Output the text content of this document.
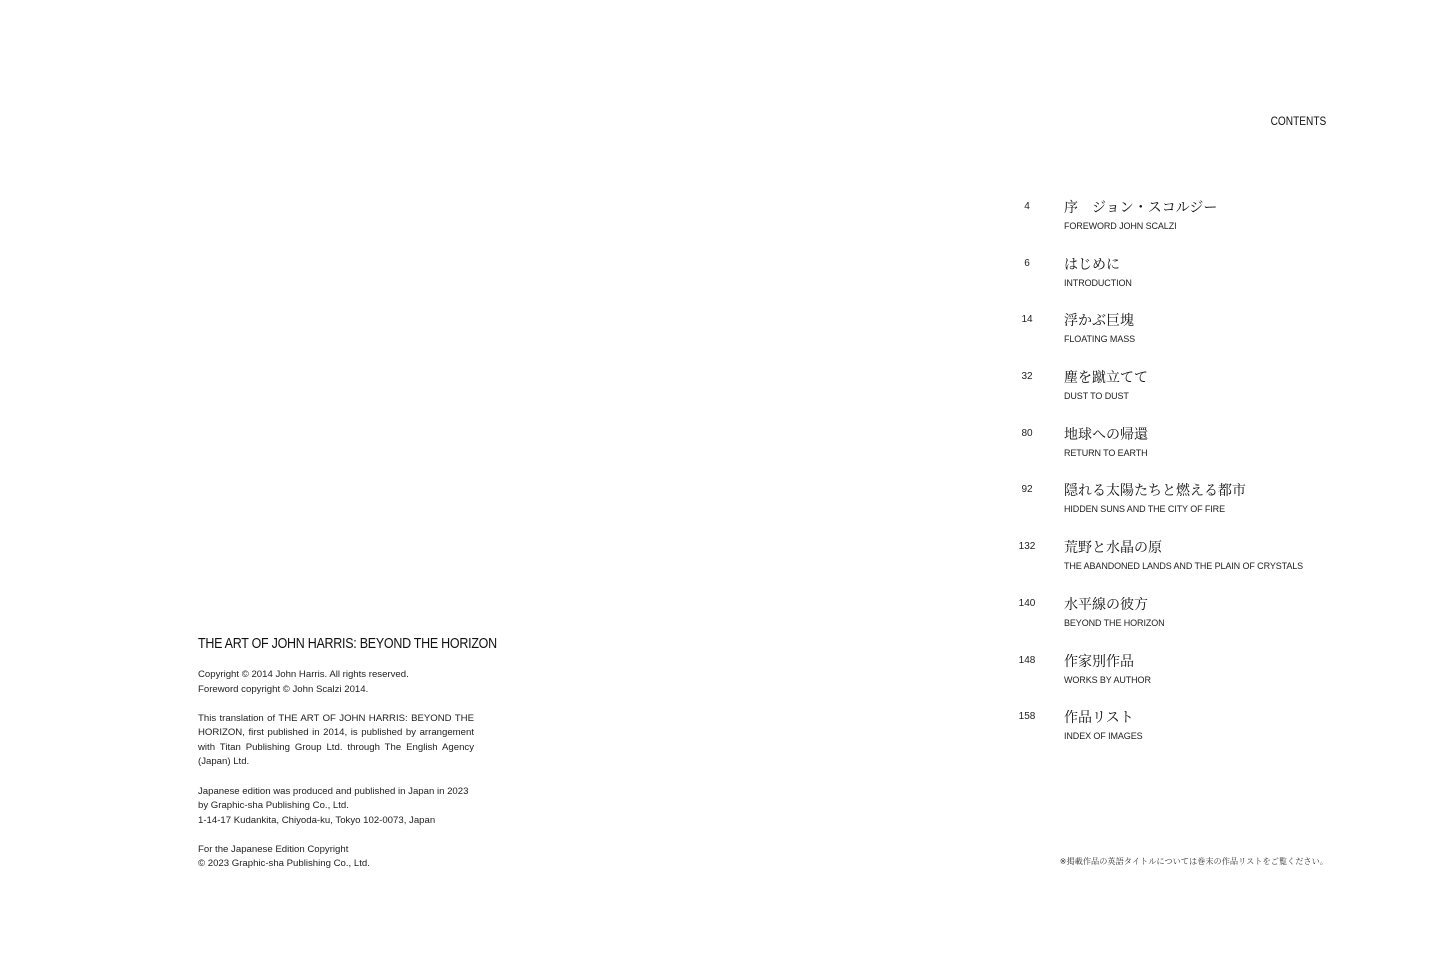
THE ART OF JOHN HARRIS: BEYOND THE HORIZON
Copyright © 2014 John Harris. All rights reserved.
Foreword copyright © John Scalzi 2014.
This translation of THE ART OF JOHN HARRIS: BEYOND THE
HORIZON, first published in 2014, is published by arrangement
with Titan Publishing Group Ltd. through The English Agency
(Japan) Ltd.
Japanese edition was produced and published in Japan in 2023
by Graphic-sha Publishing Co., Ltd.
1-14-17 Kudankita, Chiyoda-ku, Tokyo 102-0073, Japan
For the Japanese Edition Copyright
© 2023 Graphic-sha Publishing Co., Ltd.
CONTENTS
4	序　ジョン・スコルジー
FOREWORD JOHN SCALZI
6	はじめに
INTRODUCTION
14	浮かぶ巨塊
FLOATING MASS
32	塵を蹴立てて
DUST TO DUST
80	地球への帰還
RETURN TO EARTH
92	隠れる太陽たちと燃える都市
HIDDEN SUNS AND THE CITY OF FIRE
132	荒野と水晶の原
THE ABANDONED LANDS AND THE PLAIN OF CRYSTALS
140	水平線の彼方
BEYOND THE HORIZON
148	作家別作品
WORKS BY AUTHOR
158	作品リスト
INDEX OF IMAGES
※掲載作品の英語タイトルについては巻末の作品リストをご覧ください。
